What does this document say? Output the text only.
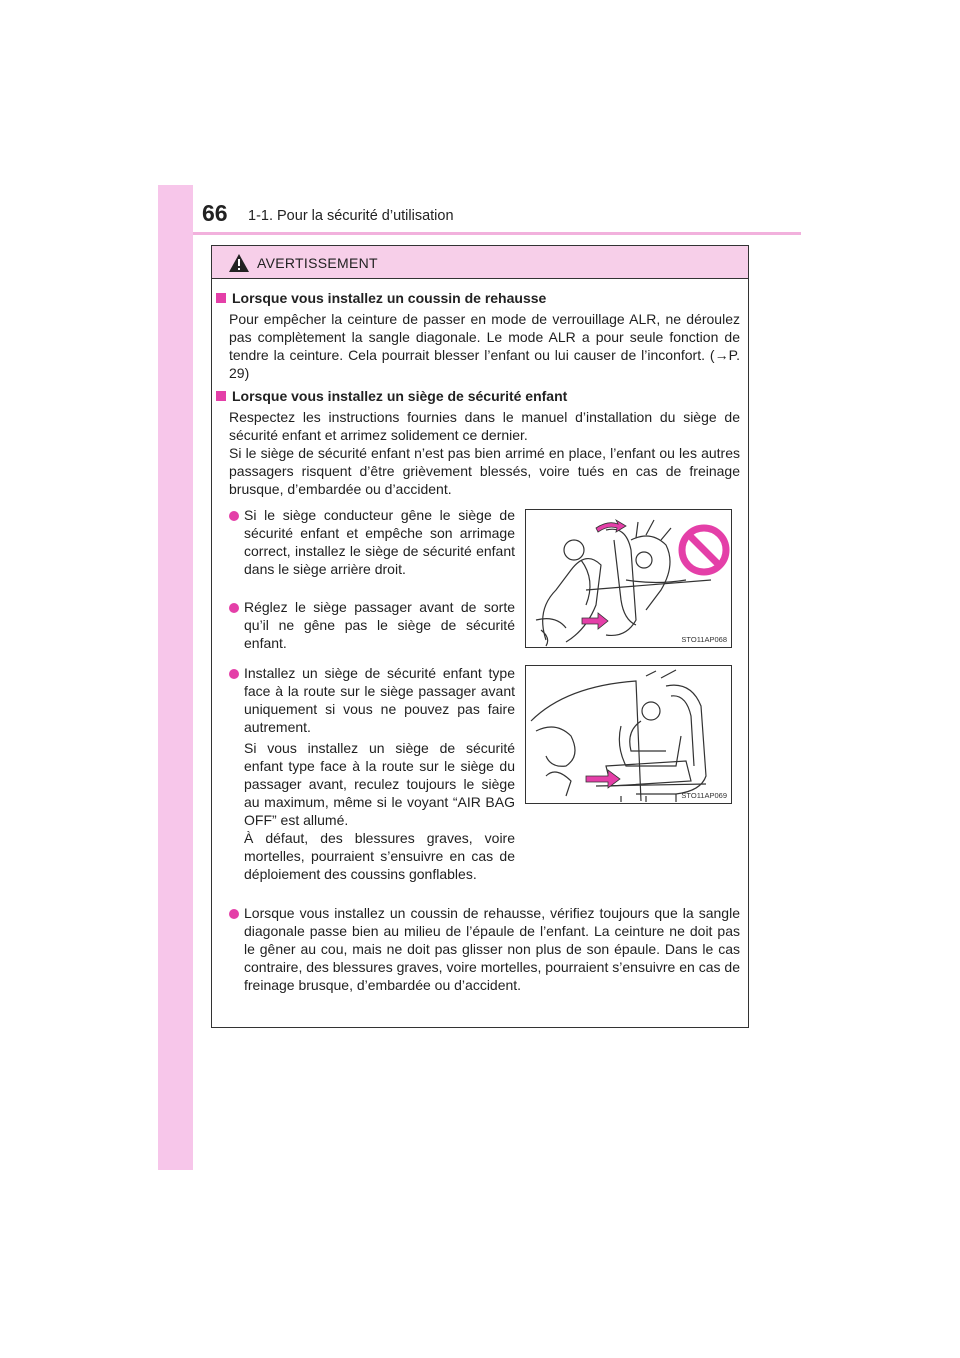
66 1-1. Pour la sécurité d’utilisation
AVERTISSEMENT
Lorsque vous installez un coussin de rehausse
Pour empêcher la ceinture de passer en mode de verrouillage ALR, ne déroulez pas complètement la sangle diagonale. Le mode ALR a pour seule fonction de tendre la ceinture. Cela pourrait blesser l’enfant ou lui causer de l’inconfort. (→P. 29)
Lorsque vous installez un siège de sécurité enfant
Respectez les instructions fournies dans le manuel d’installation du siège de sécurité enfant et arrimez solidement ce dernier.
Si le siège de sécurité enfant n’est pas bien arrimé en place, l’enfant ou les autres passagers risquent d’être grièvement blessés, voire tués en cas de freinage brusque, d’embardée ou d’accident.
Si le siège conducteur gêne le siège de sécurité enfant et empêche son arrimage correct, installez le siège de sécurité enfant dans le siège arrière droit.
Réglez le siège passager avant de sorte qu’il ne gêne pas le siège de sécurité enfant.	STO11AP068
Installez un siège de sécurité enfant type face à la route sur le siège passager avant uniquement si vous ne pouvez pas faire autrement.
Si vous installez un siège de sécurité enfant type face à la route sur le siège du passager avant, reculez toujours le siège au maximum, même si le voyant “AIR BAG OFF” est allumé.
À défaut, des blessures graves, voire mortelles, pourraient s’ensuivre en cas de déploiement des coussins gonflables.
STO11AP069
Lorsque vous installez un coussin de rehausse, vérifiez toujours que la sangle diagonale passe bien au milieu de l’épaule de l’enfant. La ceinture ne doit pas le gêner au cou, mais ne doit pas glisser non plus de son épaule. Dans le cas contraire, des blessures graves, voire mortelles, pourraient s’ensuivre en cas de freinage brusque, d’embardée ou d’accident.
